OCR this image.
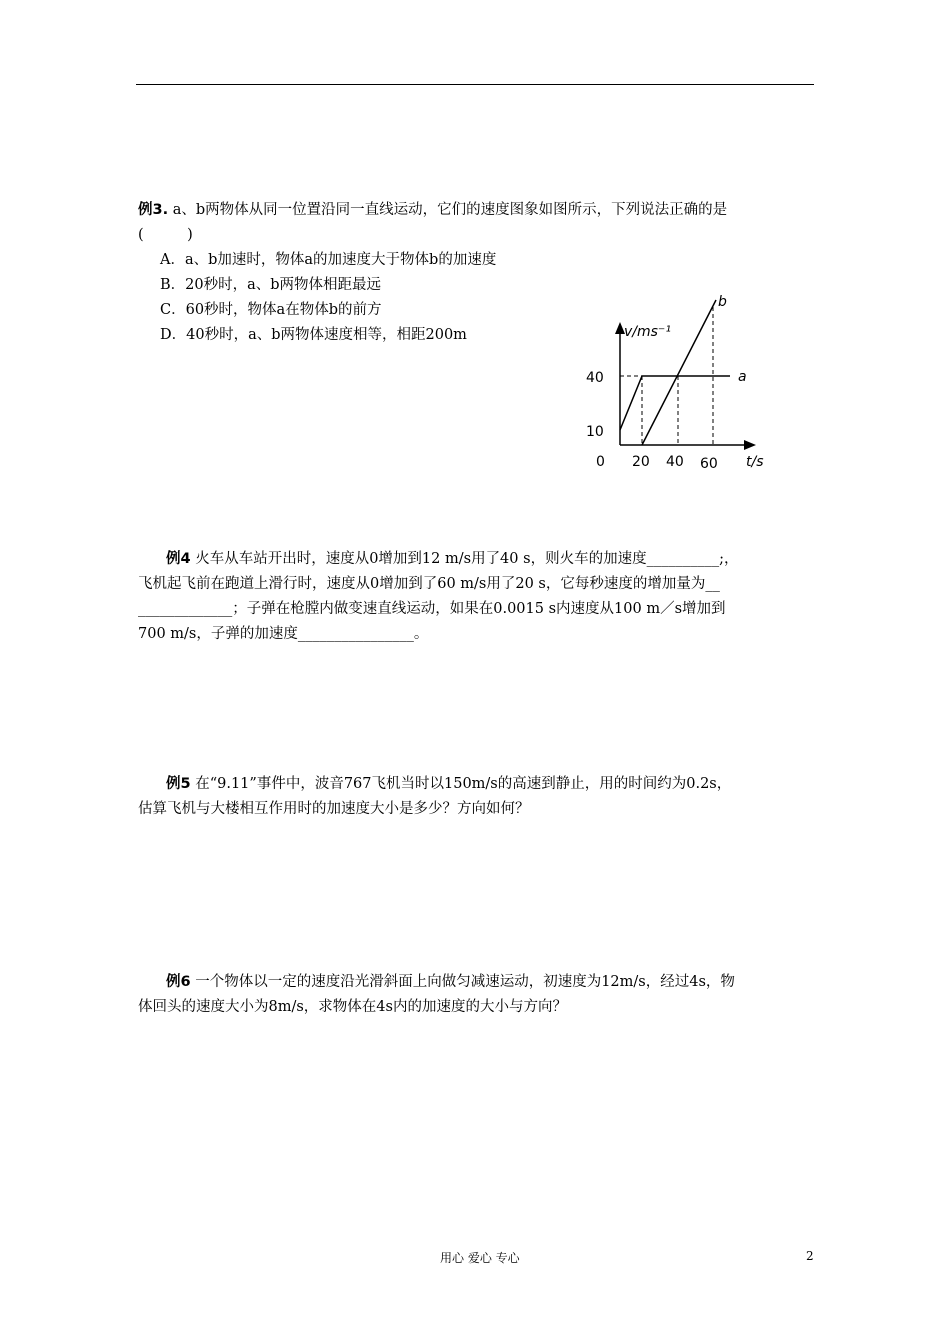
例3. a、b两物体从同一位置沿同一直线运动，它们的速度图象如图所示，下列说法正确的是
(　　　)
A．a、b加速时，物体a的加速度大于物体b的加速度
B．20秒时，a、b两物体相距最远
C．60秒时，物体a在物体b的前方
D．40秒时，a、b两物体速度相等，相距200m	v/ms⁻¹
b
a
40
10
0 20 40 60 t/s
例4 火车从车站开出时，速度从0增加到12 m/s用了40 s，则火车的加速度__________;，
飞机起飞前在跑道上滑行时，速度从0增加到了60 m/s用了20 s，它每秒速度的增加量为__
_____________；子弹在枪膛内做变速直线运动，如果在0.0015 s内速度从100 m／s增加到
700 m/s，子弹的加速度________________。
例5 在“9.11”事件中，波音767飞机当时以150m/s的高速到静止，用的时间约为0.2s，
估算飞机与大楼相互作用时的加速度大小是多少？方向如何？
例6 一个物体以一定的速度沿光滑斜面上向做匀减速运动，初速度为12m/s，经过4s，物
体回头的速度大小为8m/s，求物体在4s内的加速度的大小与方向？
用心 爱心 专心	2
